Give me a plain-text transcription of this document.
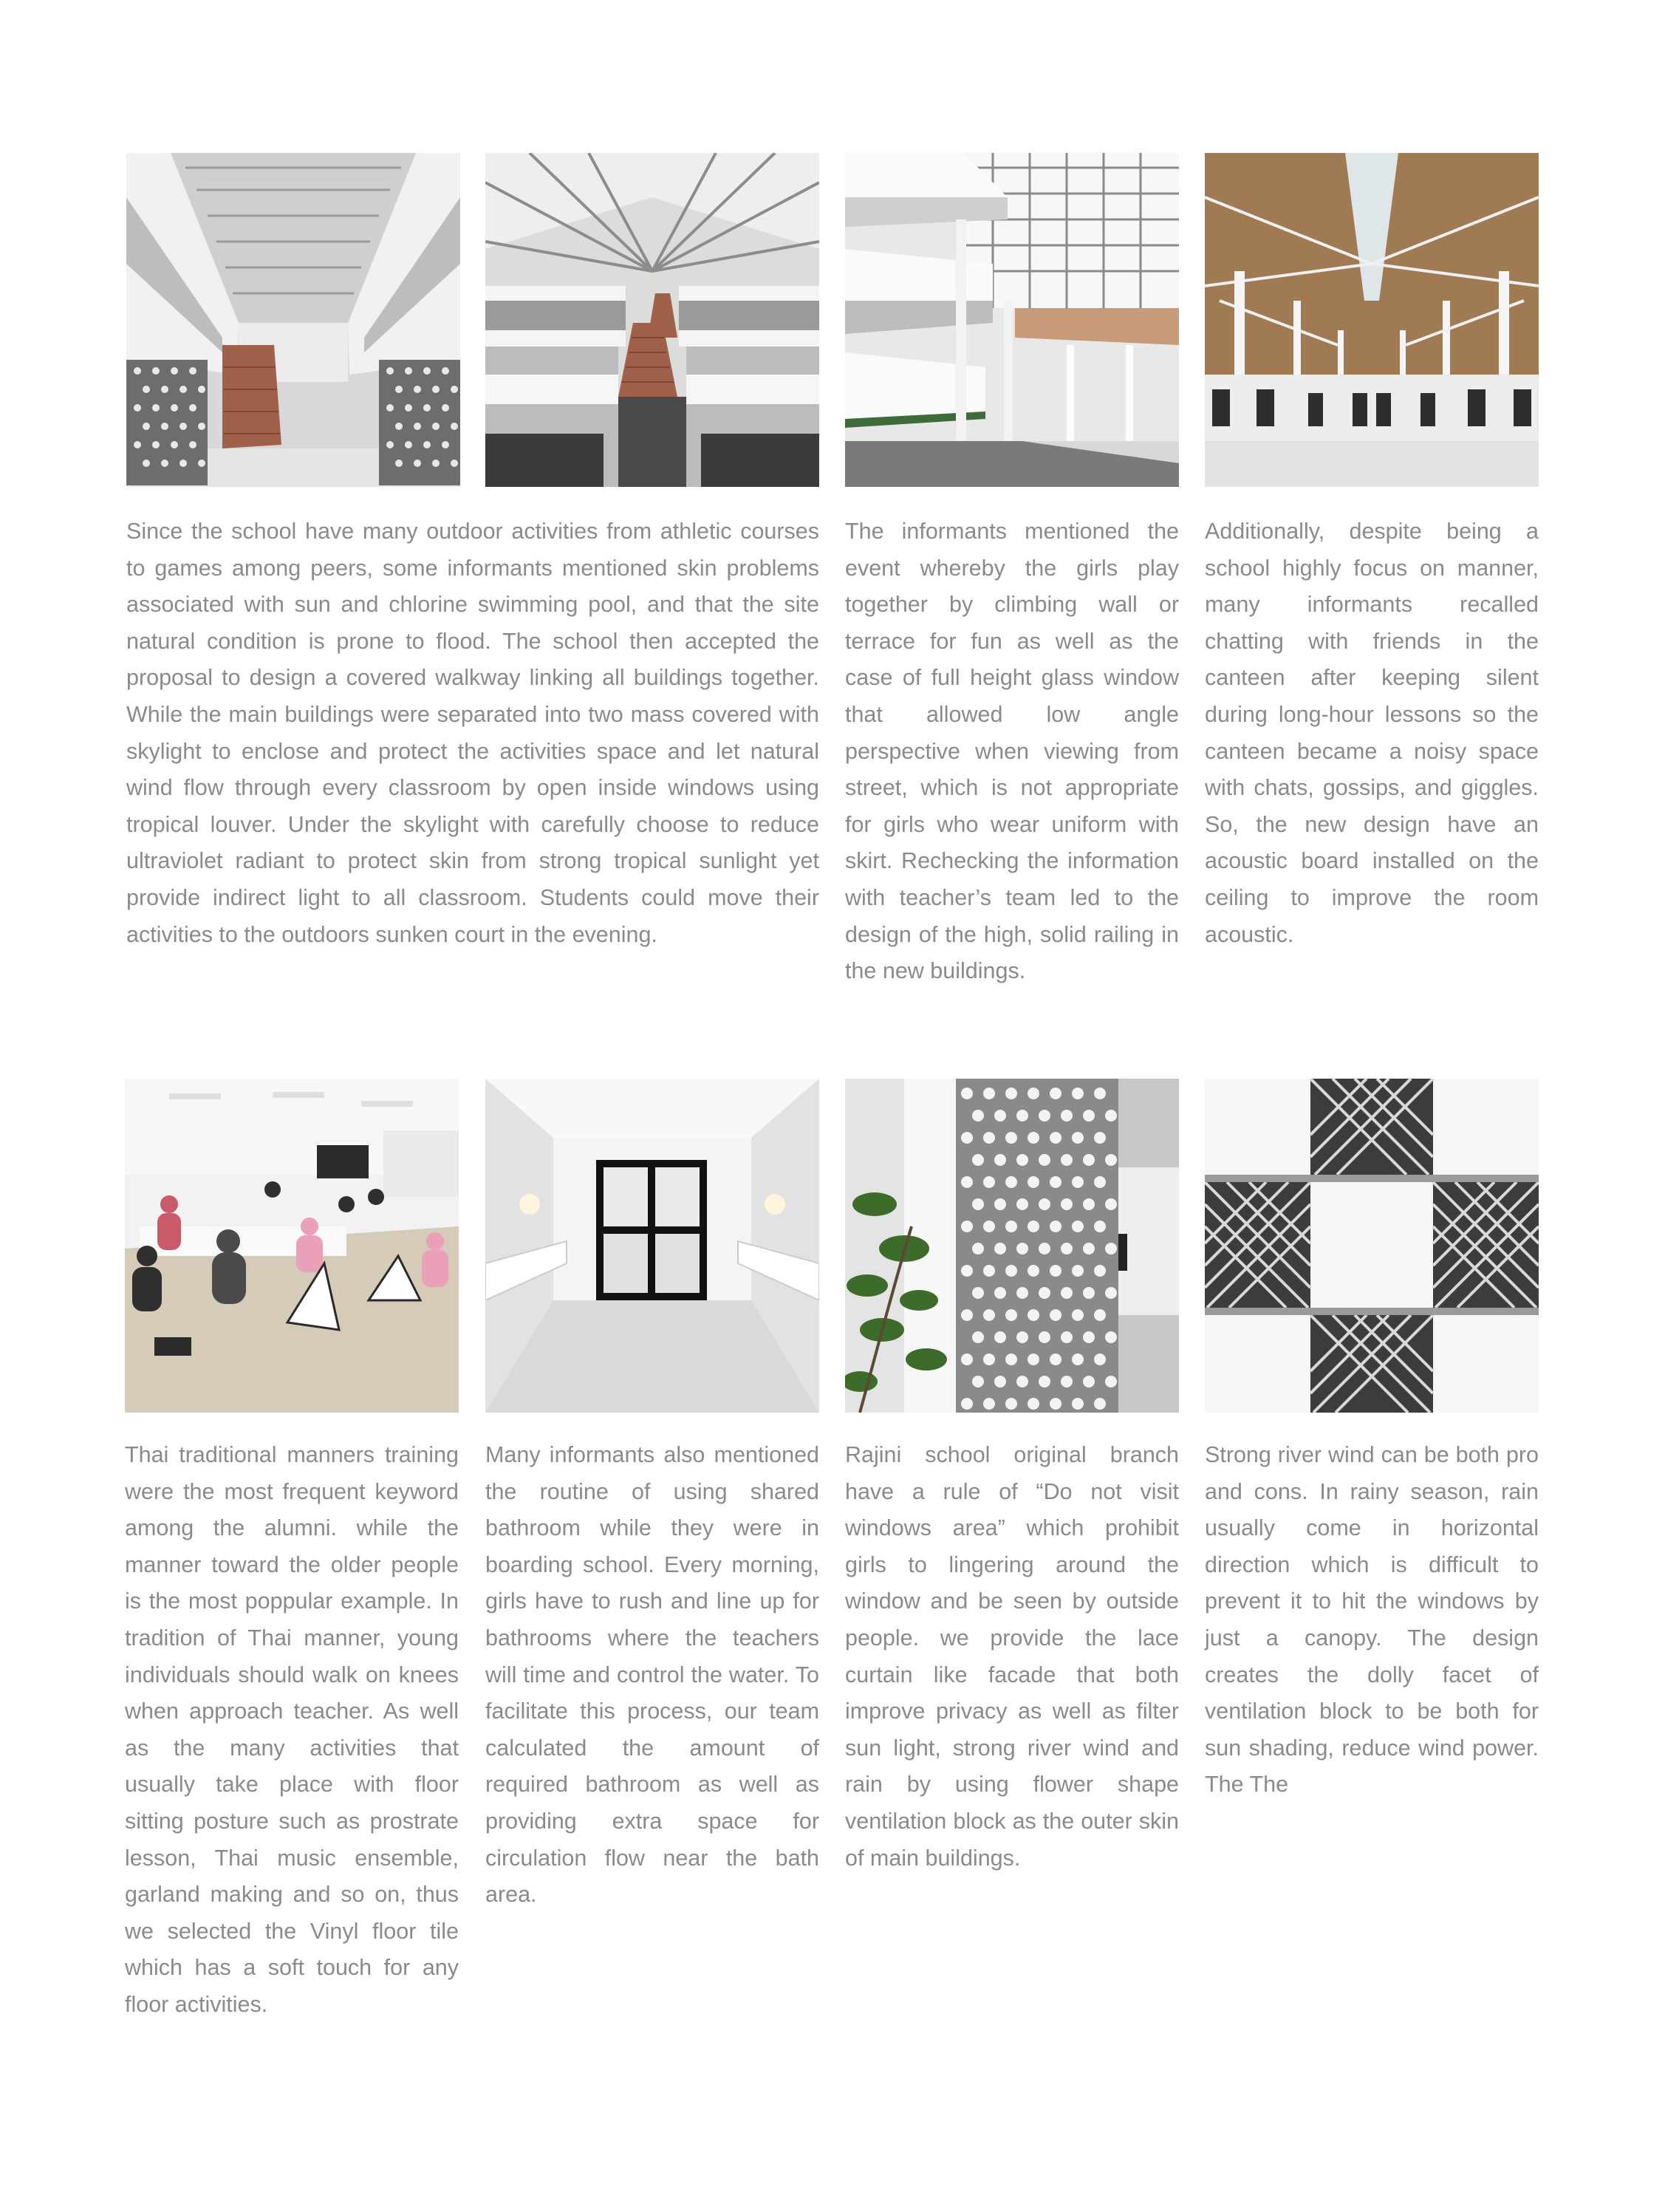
Since the school have many outdoor activities from athletic courses to games among peers, some informants mentioned skin problems associated with sun and chlorine swimming pool, and that the site natural condition is prone to flood. The school then accepted the proposal to design a covered walkway linking all buildings together. While the main buildings were separated into two mass covered with skylight to enclose and protect the activities space and let natural wind flow through every classroom by open inside windows using tropical louver. Under the skylight with carefully choose to reduce ultraviolet radiant to protect skin from strong tropical sunlight yet provide indirect light to all classroom. Students could move their activities to the outdoors sunken court in the evening.

The informants mentioned the event whereby the girls play together by climbing wall or terrace for fun as well as the case of full height glass window that allowed low angle perspective when viewing from street, which is not appropriate for girls who wear uniform with skirt. Rechecking the information with teacher’s team led to the design of the high, solid railing in the new buildings.

Additionally, despite being a school highly focus on manner, many informants recalled chatting with friends in the canteen after keeping silent during long-hour lessons so the canteen became a noisy space with chats, gossips, and giggles. So, the new design have an acoustic board installed on the ceiling to improve the room acoustic.

Thai traditional manners training were the most frequent keyword among the alumni. while the manner toward the older people is the most poppular example. In tradition of Thai manner, young individuals should walk on knees when approach teacher. As well as the many activities that usually take place with floor sitting posture such as prostrate lesson, Thai music ensemble, garland making and so on, thus we selected the Vinyl floor tile which has a soft touch for any floor activities.

Many informants also mentioned the routine of using shared bathroom while they were in boarding school. Every morning, girls have to rush and line up for bathrooms where the teachers will time and control the water. To facilitate this process, our team calculated the amount of required bathroom as well as providing extra space for circulation flow near the bath area.

Rajini school original branch have a rule of “Do not visit windows area” which prohibit girls to lingering around the window and be seen by outside people. we provide the lace curtain like facade that both improve privacy as well as filter sun light, strong river wind and rain by using flower shape ventilation block as the outer skin of main buildings.

Strong river wind can be both pro and cons. In rainy season, rain usually come in horizontal direction which is difficult to prevent it to hit the windows by just a canopy. The design creates the dolly facet of ventilation block to be both for sun shading, reduce wind power. The The
